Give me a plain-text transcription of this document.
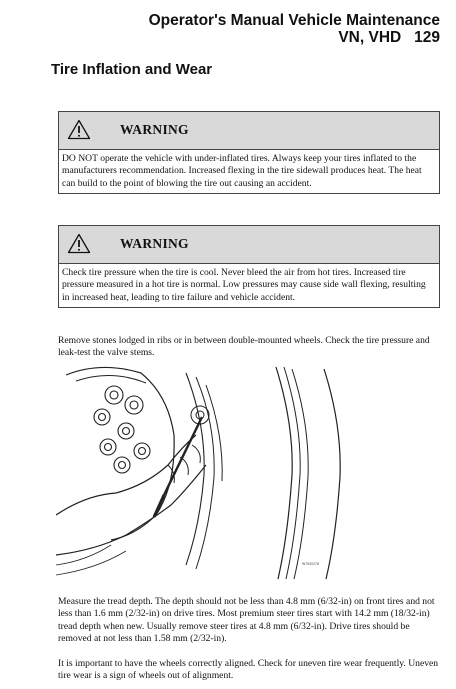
Operator's Manual Vehicle Maintenance
VN, VHD   129
Tire Inflation and Wear
WARNING
DO NOT operate the vehicle with under-inflated tires. Always keep your tires inflated to the manufacturers recommendation. Increased flexing in the tire sidewall produces heat. The heat can build to the point of blowing the tire out causing an accident.
WARNING
Check tire pressure when the tire is cool. Never bleed the air from hot tires. Increased tire pressure measured in a hot tire is normal. Low pressures may cause side wall flexing, resulting in increased heat, leading to tire failure and vehicle accident.

Remove stones lodged in ribs or in between double-mounted wheels. Check the tire pressure and leak-test the valve stems.

W7000278

Measure the tread depth. The depth should not be less than 4.8 mm (6/32-in) on front tires and not less than 1.6 mm (2/32-in) on drive tires. Most premium steer tires start with 14.2 mm (18/32-in) tread depth when new. Usually remove steer tires at 4.8 mm (6/32-in). Drive tires should be removed at not less than 1.58 mm (2/32-in).

It is important to have the wheels correctly aligned. Check for uneven tire wear frequently. Uneven tire wear is a sign of wheels out of alignment.
